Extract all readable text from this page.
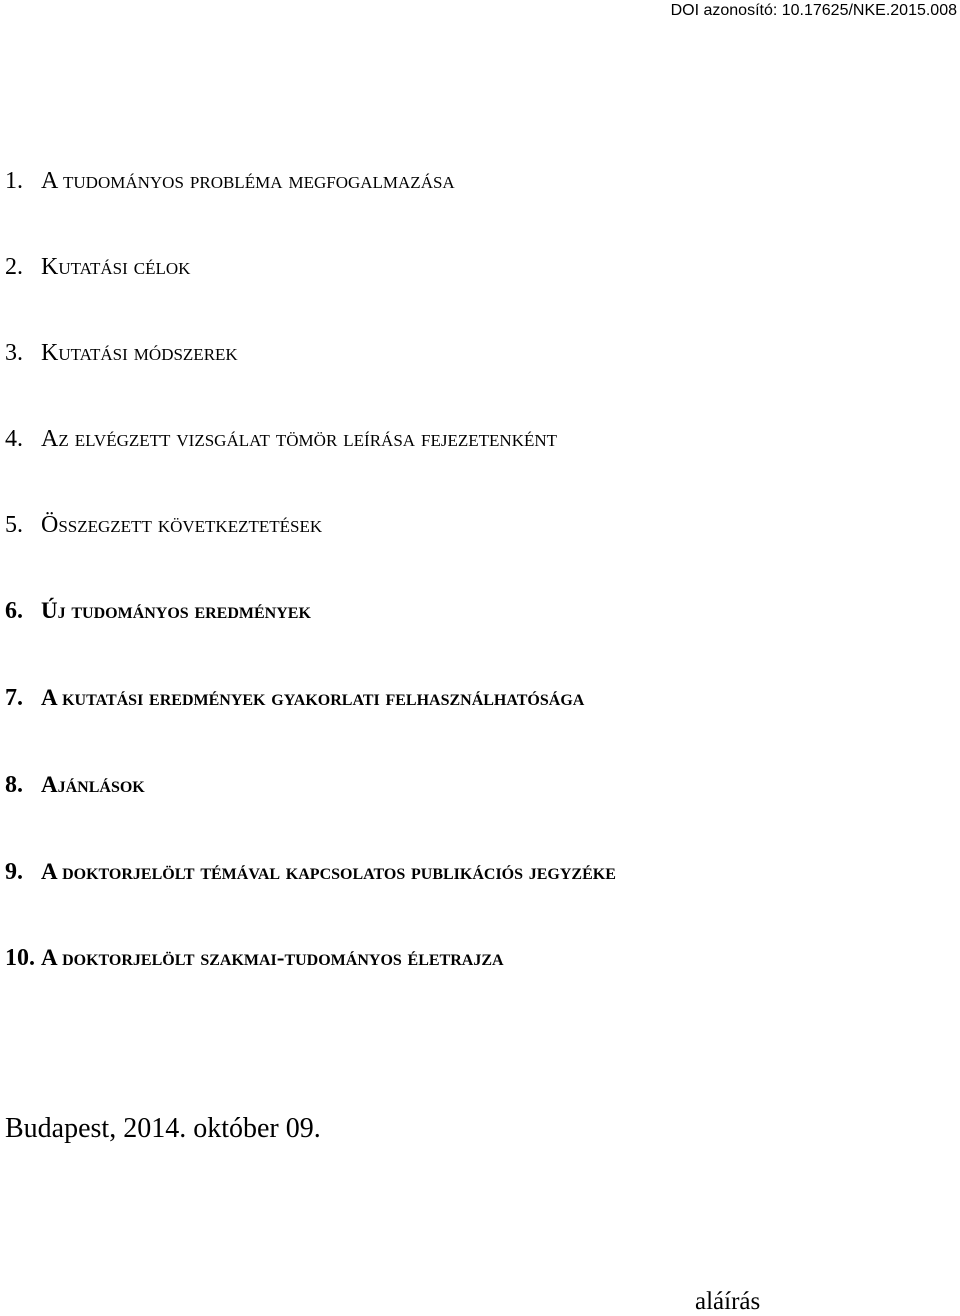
DOI azonosító: 10.17625/NKE.2015.008
1. A tudományos probléma megfogalmazása
2. Kutatási célok
3. Kutatási módszerek
4. Az elvégzett vizsgálat tömör leírása fejezetenként
5. Összegzett következtetések
6. Új tudományos eredmények
7. A kutatási eredmények gyakorlati felhasználhatósága
8. Ajánlások
9. A doktorjelölt témával kapcsolatos publikációs jegyzéke
10. A doktorjelölt szakmai-tudományos életrajza
Budapest, 2014. október 09.
aláírás
